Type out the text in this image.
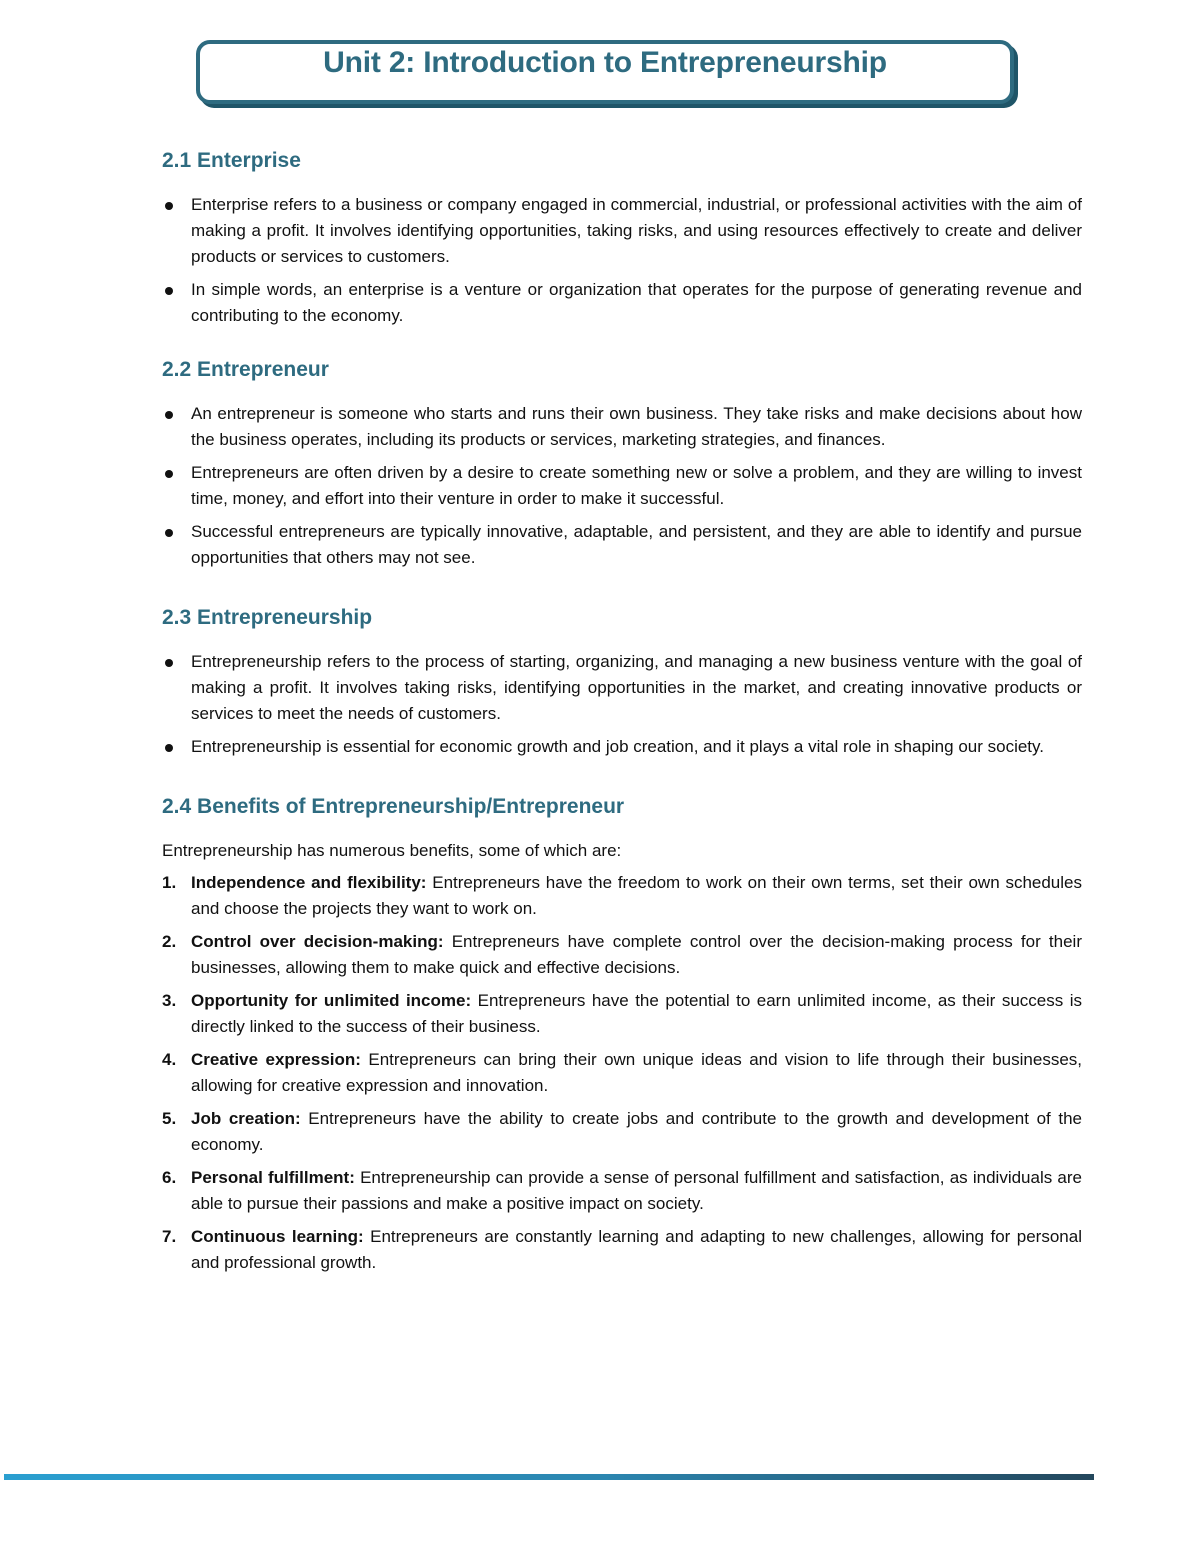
Unit 2: Introduction to Entrepreneurship
2.1 Enterprise
Enterprise refers to a business or company engaged in commercial, industrial, or professional activities with the aim of making a profit. It involves identifying opportunities, taking risks, and using resources effectively to create and deliver products or services to customers.
In simple words, an enterprise is a venture or organization that operates for the purpose of generating revenue and contributing to the economy.
2.2 Entrepreneur
An entrepreneur is someone who starts and runs their own business. They take risks and make decisions about how the business operates, including its products or services, marketing strategies, and finances.
Entrepreneurs are often driven by a desire to create something new or solve a problem, and they are willing to invest time, money, and effort into their venture in order to make it successful.
Successful entrepreneurs are typically innovative, adaptable, and persistent, and they are able to identify and pursue opportunities that others may not see.
2.3 Entrepreneurship
Entrepreneurship refers to the process of starting, organizing, and managing a new business venture with the goal of making a profit. It involves taking risks, identifying opportunities in the market, and creating innovative products or services to meet the needs of customers.
Entrepreneurship is essential for economic growth and job creation, and it plays a vital role in shaping our society.
2.4 Benefits of Entrepreneurship/Entrepreneur

Entrepreneurship has numerous benefits, some of which are:

1. Independence and flexibility: Entrepreneurs have the freedom to work on their own terms, set their own schedules and choose the projects they want to work on.
2. Control over decision-making: Entrepreneurs have complete control over the decision-making process for their businesses, allowing them to make quick and effective decisions.
3. Opportunity for unlimited income: Entrepreneurs have the potential to earn unlimited income, as their success is directly linked to the success of their business.
4. Creative expression: Entrepreneurs can bring their own unique ideas and vision to life through their businesses, allowing for creative expression and innovation.
5. Job creation: Entrepreneurs have the ability to create jobs and contribute to the growth and development of the economy.
6. Personal fulfillment: Entrepreneurship can provide a sense of personal fulfillment and satisfaction, as individuals are able to pursue their passions and make a positive impact on society.
7. Continuous learning: Entrepreneurs are constantly learning and adapting to new challenges, allowing for personal and professional growth.
